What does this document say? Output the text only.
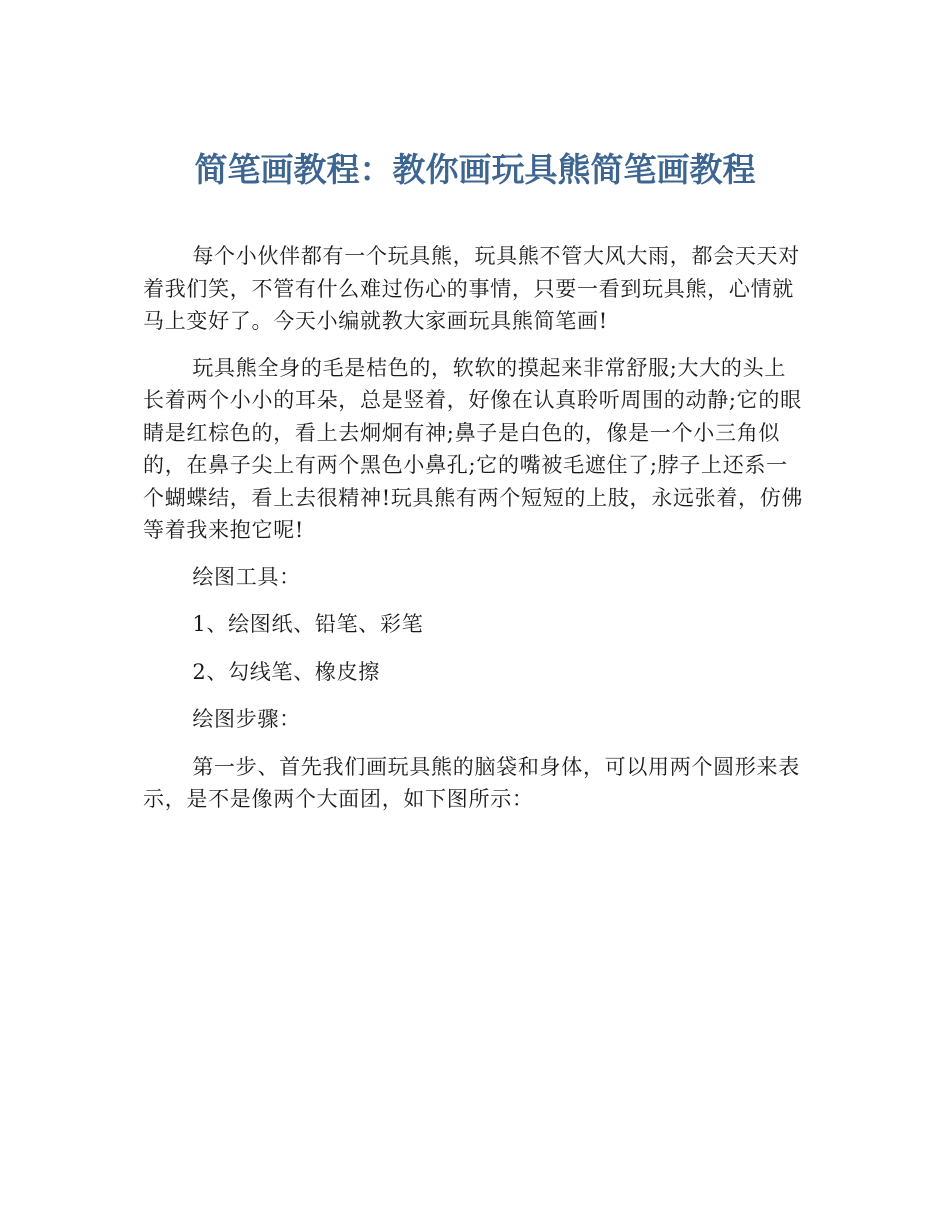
简笔画教程：教你画玩具熊简笔画教程

每个小伙伴都有一个玩具熊，玩具熊不管大风大雨，都会天天对着我们笑，不管有什么难过伤心的事情，只要一看到玩具熊，心情就马上变好了。今天小编就教大家画玩具熊简笔画!

玩具熊全身的毛是桔色的，软软的摸起来非常舒服;大大的头上长着两个小小的耳朵，总是竖着，好像在认真聆听周围的动静;它的眼睛是红棕色的，看上去炯炯有神;鼻子是白色的，像是一个小三角似的，在鼻子尖上有两个黑色小鼻孔;它的嘴被毛遮住了;脖子上还系一个蝴蝶结，看上去很精神!玩具熊有两个短短的上肢，永远张着，仿佛等着我来抱它呢!

绘图工具：

1、绘图纸、铅笔、彩笔

2、勾线笔、橡皮擦

绘图步骤：

第一步、首先我们画玩具熊的脑袋和身体，可以用两个圆形来表示，是不是像两个大面团，如下图所示：
